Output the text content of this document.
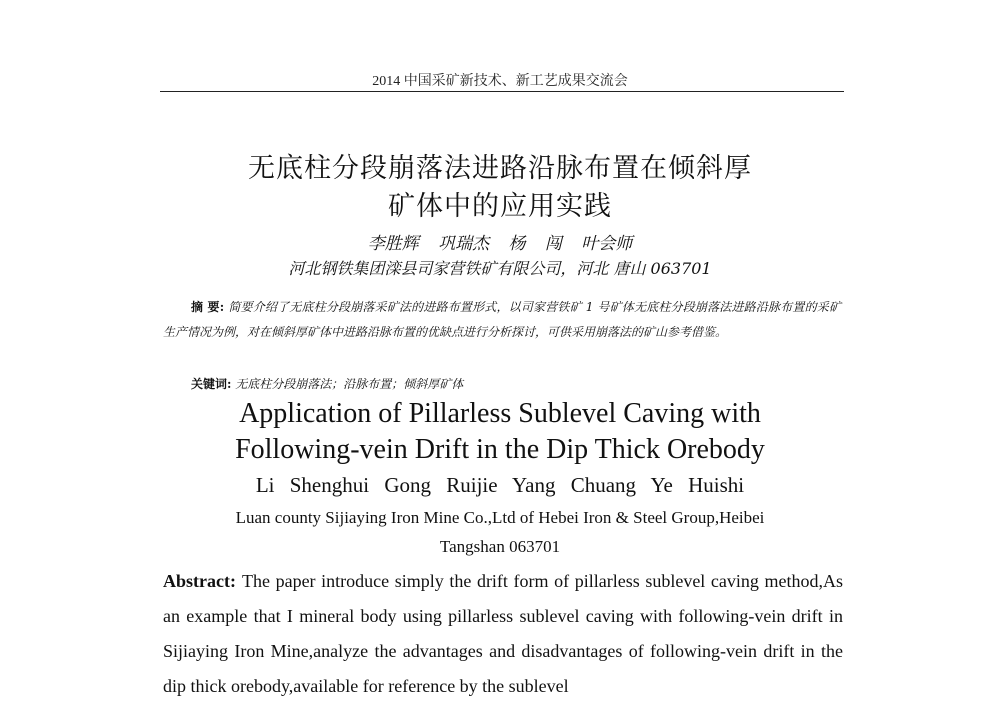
2014 中国采矿新技术、新工艺成果交流会
无底柱分段崩落法进路沿脉布置在倾斜厚
矿体中的应用实践
李胜辉 巩瑞杰 杨 闯 叶会师
河北钢铁集团滦县司家营铁矿有限公司，河北 唐山 063701
摘 要: 简要介绍了无底柱分段崩落采矿法的进路布置形式，以司家营铁矿 1 号矿体无底柱分段崩落法进路沿脉布置的采矿生产情况为例，对在倾斜厚矿体中进路沿脉布置的优缺点进行分析探讨，可供采用崩落法的矿山参考借鉴。
关键词: 无底柱分段崩落法；沿脉布置；倾斜厚矿体
Application of Pillarless Sublevel Caving with
Following-vein Drift in the Dip Thick Orebody
Li Shenghui Gong Ruijie Yang Chuang Ye Huishi
Luan county Sijiaying Iron Mine Co.,Ltd of Hebei Iron & Steel Group,Heibei
Tangshan 063701
Abstract: The paper introduce simply the drift form of pillarless sublevel caving method,As an example that I mineral body using pillarless sublevel caving with following-vein drift in Sijiaying Iron Mine,analyze the advantages and disadvantages of following-vein drift in the dip thick orebody,available for reference by the sublevel
